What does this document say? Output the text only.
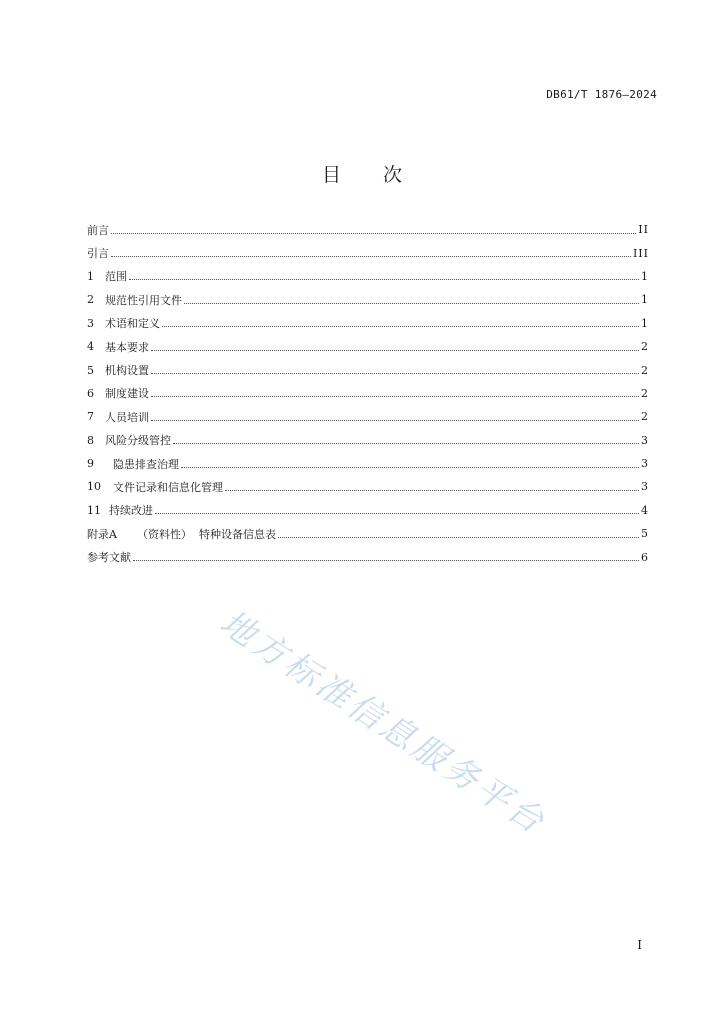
DB61/T 1876—2024
目 次
前言	II
引言	III
1	范围	1
2	规范性引用文件	1
3	术语和定义	1
4	基本要求	2
5	机构设置	2
6	制度建设	2
7	人员培训	2
8	风险分级管控	3
9	隐患排查治理	3
10	文件记录和信息化管理	3
11 持续改进	4
附录A	（资料性）  特种设备信息表	5
参考文献	6
地方标准信息服务平台
I
